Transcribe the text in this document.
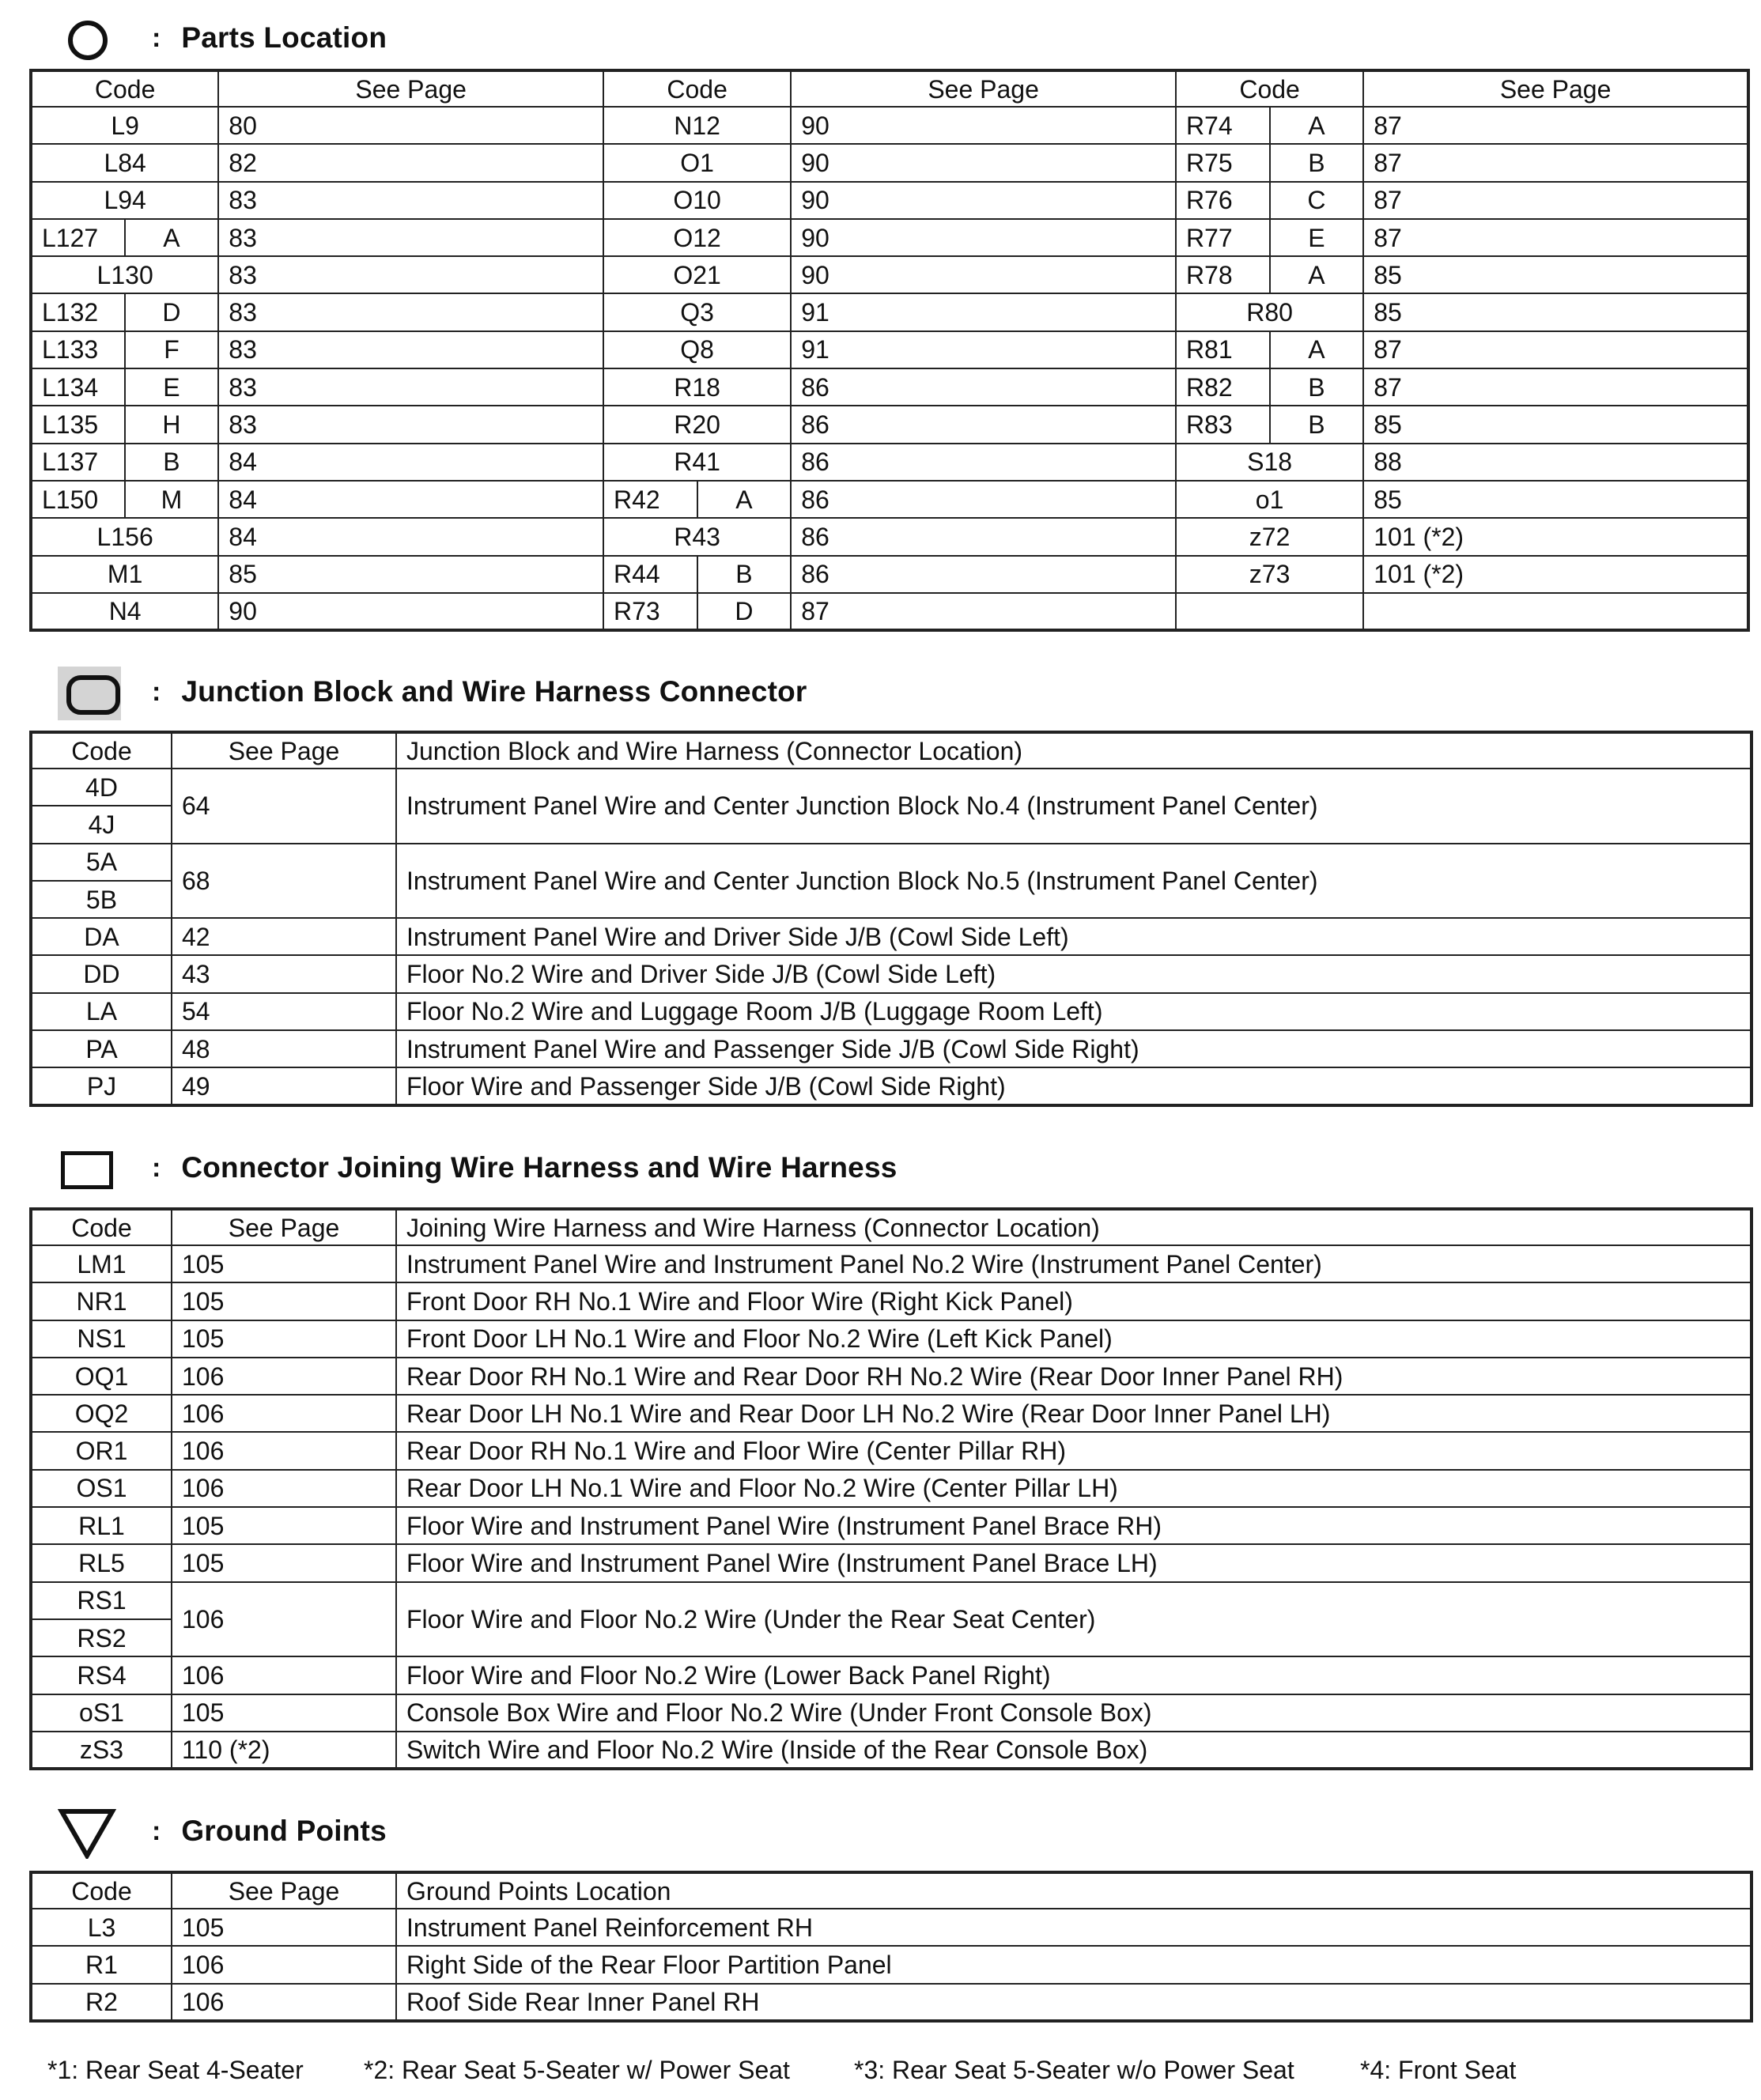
: Parts Location
Code		See Page	Code		See Page	Code		See Page
L9		80	N12		90	R74	A	87
L84		82	O1		90	R75	B	87
L94		83	O10		90	R76	C	87
L127	A	83	O12		90	R77	E	87
L130		83	O21		90	R78	A	85
L132	D	83	Q3		91	R80		85
L133	F	83	Q8		91	R81	A	87
L134	E	83	R18		86	R82	B	87
L135	H	83	R20		86	R83	B	85
L137	B	84	R41		86	S18		88
L150	M	84	R42	A	86	o1		85
L156		84	R43		86	z72		101 (*2)
M1		85	R44	B	86	z73		101 (*2)
N4		90	R73	D	87			
: Junction Block and Wire Harness Connector
Code	See Page	Junction Block and Wire Harness (Connector Location)
4D	64	Instrument Panel Wire and Center Junction Block No.4 (Instrument Panel Center)
4J		
5A	68	Instrument Panel Wire and Center Junction Block No.5 (Instrument Panel Center)
5B		
DA	42	Instrument Panel Wire and Driver Side J/B (Cowl Side Left)
DD	43	Floor No.2 Wire and Driver Side J/B (Cowl Side Left)
LA	54	Floor No.2 Wire and Luggage Room J/B (Luggage Room Left)
PA	48	Instrument Panel Wire and Passenger Side J/B (Cowl Side Right)
PJ	49	Floor Wire and Passenger Side J/B (Cowl Side Right)
: Connector Joining Wire Harness and Wire Harness
Code	See Page	Joining Wire Harness and Wire Harness (Connector Location)
LM1	105	Instrument Panel Wire and Instrument Panel No.2 Wire (Instrument Panel Center)
NR1	105	Front Door RH No.1 Wire and Floor Wire (Right Kick Panel)
NS1	105	Front Door LH No.1 Wire and Floor No.2 Wire (Left Kick Panel)
OQ1	106	Rear Door RH No.1 Wire and Rear Door RH No.2 Wire (Rear Door Inner Panel RH)
OQ2	106	Rear Door LH No.1 Wire and Rear Door LH No.2 Wire (Rear Door Inner Panel LH)
OR1	106	Rear Door RH No.1 Wire and Floor Wire (Center Pillar RH)
OS1	106	Rear Door LH No.1 Wire and Floor No.2 Wire (Center Pillar LH)
RL1	105	Floor Wire and Instrument Panel Wire (Instrument Panel Brace RH)
RL5	105	Floor Wire and Instrument Panel Wire (Instrument Panel Brace LH)
RS1	106	Floor Wire and Floor No.2 Wire (Under the Rear Seat Center)
RS2		
RS4	106	Floor Wire and Floor No.2 Wire (Lower Back Panel Right)
oS1	105	Console Box Wire and Floor No.2 Wire (Under Front Console Box)
zS3	110 (*2)	Switch Wire and Floor No.2 Wire (Inside of the Rear Console Box)
: Ground Points
Code	See Page	Ground Points Location
L3	105	Instrument Panel Reinforcement RH
R1	106	Right Side of the Rear Floor Partition Panel
R2	106	Roof Side Rear Inner Panel RH
*1: Rear Seat 4-Seater	*2: Rear Seat 5-Seater w/ Power Seat	*3: Rear Seat 5-Seater w/o Power Seat	*4: Front Seat
